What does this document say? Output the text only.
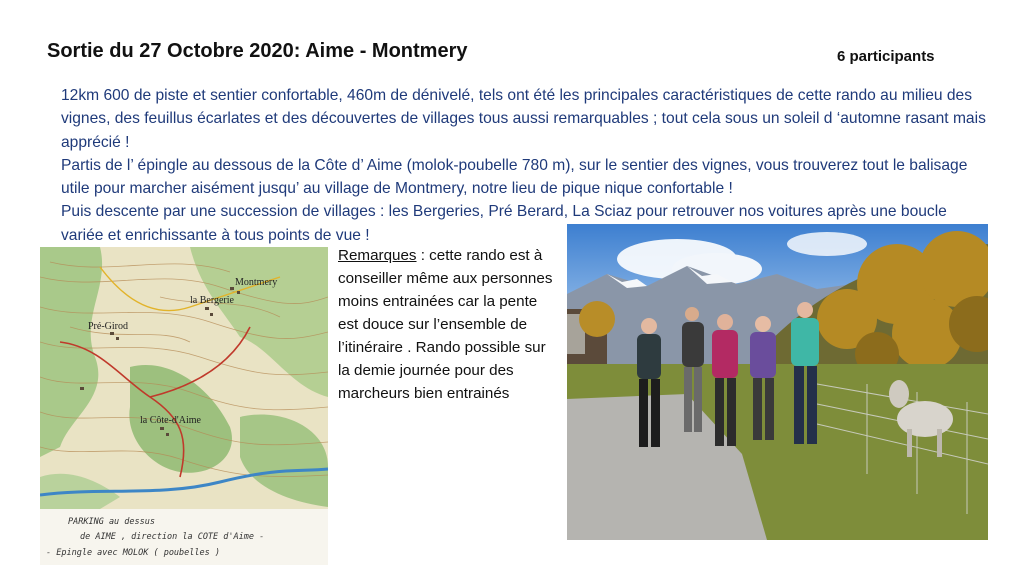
Sortie du 27 Octobre 2020: Aime - Montmery	6 participants

12km 600 de piste et sentier confortable, 460m de dénivelé, tels ont été les principales caractéristiques de cette rando au milieu des vignes, des feuillus écarlates et des découvertes de villages tous aussi remarquables ; tout cela sous un soleil d ‘automne rasant mais apprécié !

Partis de l’ épingle au dessous de la Côte d’ Aime (molok-poubelle 780 m), sur le sentier des vignes, vous trouverez tout le balisage utile pour marcher aisément jusqu’ au village de Montmery, notre lieu de pique nique confortable !

Puis descente par une succession de villages : les Bergeries, Pré Berard, La Sciaz pour retrouver nos voitures après une boucle variée et enrichissante à tous points de vue !

Montmery
la Bergerie
Pré-Girod
la Côte-d'Aime
PARKING au dessus
de AIME , direction la COTE d'Aime -
- Epingle avec MOLOK ( poubelles )
Remarques : cette rando est à conseiller même aux personnes moins entrainées car la pente est douce sur l’ensemble de l’itinéraire . Rando possible sur la demie journée pour des marcheurs bien entrainés
